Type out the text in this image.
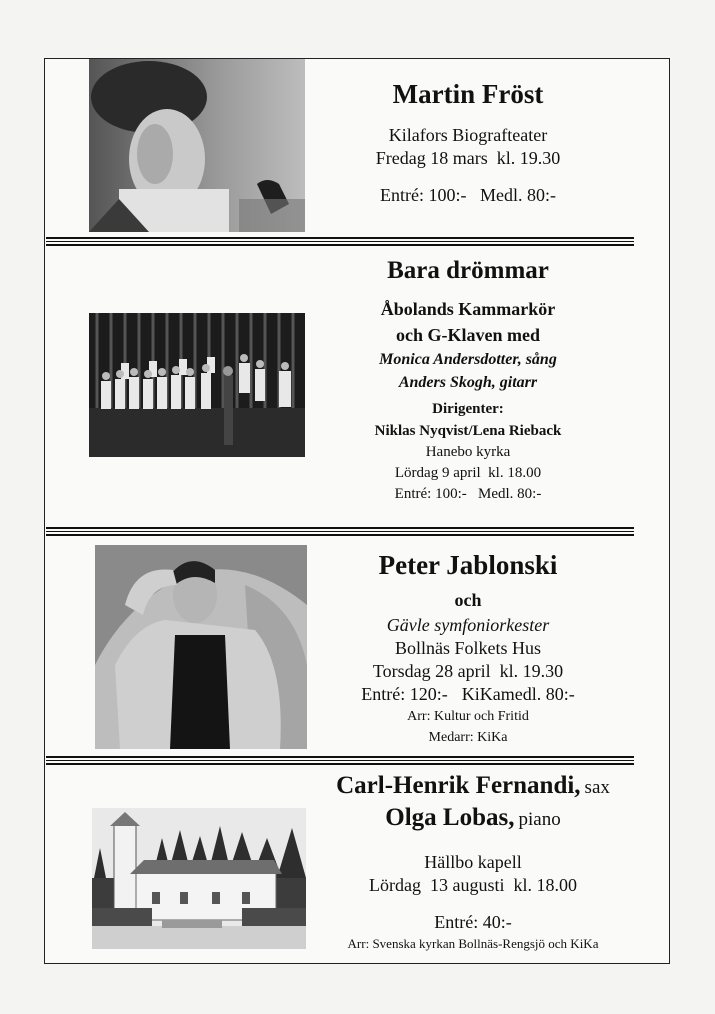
Martin Fröst
Kilafors Biografteater
Fredag 18 mars  kl. 19.30
Entré: 100:-   Medl. 80:-
Bara drömmar
Åbolands Kammarkör
och G-Klaven med
Monica Andersdotter, sång
Anders Skogh, gitarr
Dirigenter:
Niklas Nyqvist/Lena Rieback
Hanebo kyrka
Lördag 9 april  kl. 18.00
Entré: 100:-   Medl. 80:-
Peter Jablonski
och
Gävle symfoniorkester
Bollnäs Folkets Hus
Torsdag 28 april  kl. 19.30
Entré: 120:- KiKamedl. 80:-
Arr: Kultur och Fritid
Medarr: KiKa
Carl-Henrik Fernandi, sax
Olga Lobas, piano
Hällbo kapell
Lördag  13 augusti  kl. 18.00
Entré: 40:-
Arr: Svenska kyrkan Bollnäs-Rengsjö och KiKa
